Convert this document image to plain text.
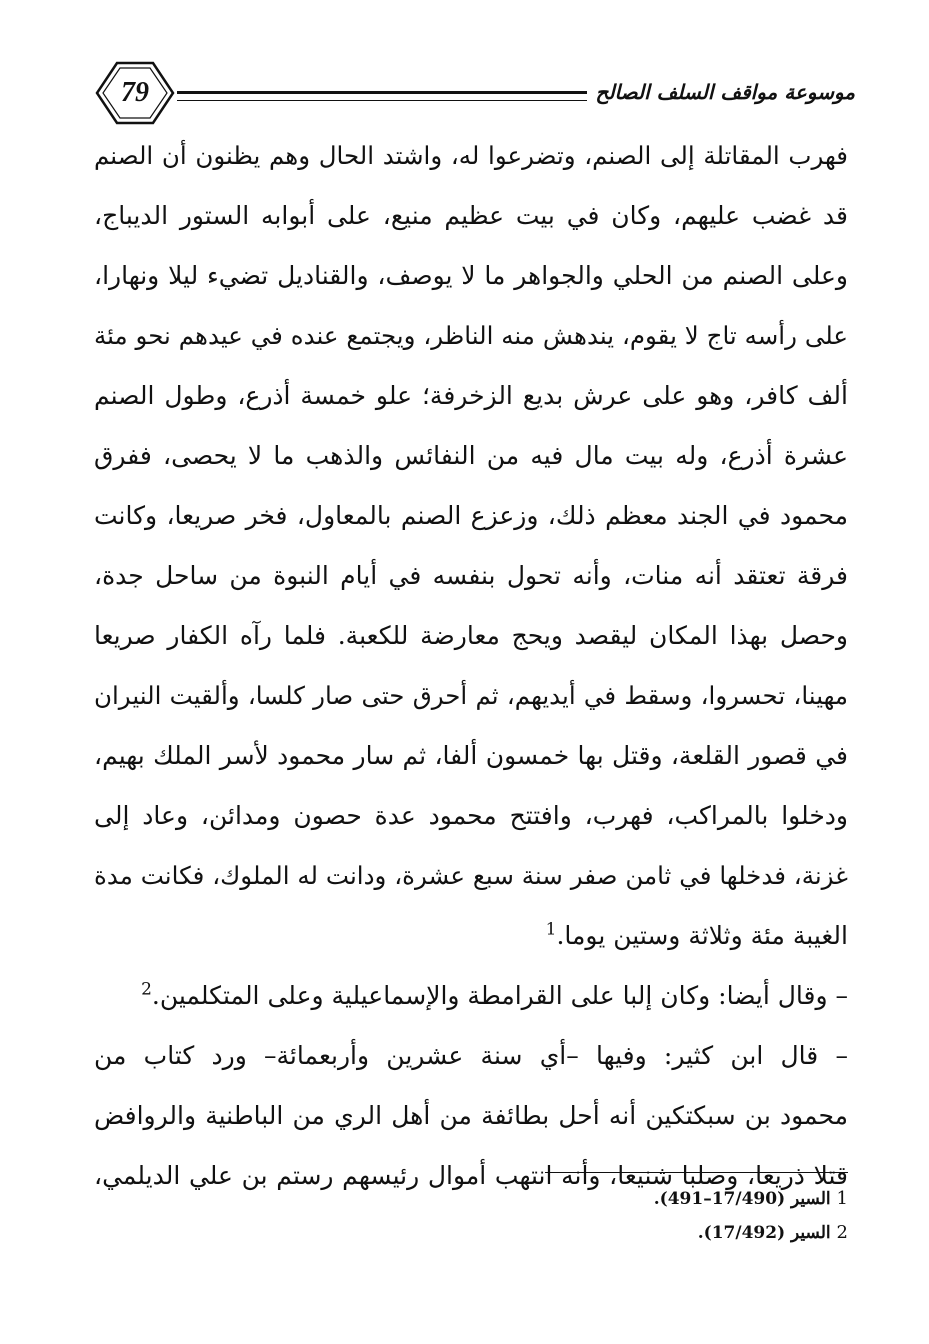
79	موسوعة مواقف السلف الصالح
فهرب المقاتلة إلى الصنم، وتضرعوا له، واشتد الحال وهم يظنون أن الصنم
قد غضب عليهم، وكان في بيت عظيم منيع، على أبوابه الستور الديباج،
وعلى الصنم من الحلي والجواهر ما لا يوصف، والقناديل تضيء ليلا ونهارا،
على رأسه تاج لا يقوم، يندهش منه الناظر، ويجتمع عنده في عيدهم نحو مئة
ألف كافر، وهو على عرش بديع الزخرفة؛ علو خمسة أذرع، وطول الصنم
عشرة أذرع، وله بيت مال فيه من النفائس والذهب ما لا يحصى، ففرق
محمود في الجند معظم ذلك، وزعزع الصنم بالمعاول، فخر صريعا، وكانت
فرقة تعتقد أنه منات، وأنه تحول بنفسه في أيام النبوة من ساحل جدة،
وحصل بهذا المكان ليقصد ويحج معارضة للكعبة. فلما رآه الكفار صريعا
مهينا، تحسروا، وسقط في أيديهم، ثم أحرق حتى صار كلسا، وألقيت النيران
في قصور القلعة، وقتل بها خمسون ألفا، ثم سار محمود لأسر الملك بهيم،
ودخلوا بالمراكب، فهرب، وافتتح محمود عدة حصون ومدائن، وعاد إلى
غزنة، فدخلها في ثامن صفر سنة سبع عشرة، ودانت له الملوك، فكانت مدة
الغيبة مئة وثلاثة وستين يوما.$^1$
– وقال أيضا: وكان إلبا على القرامطة والإسماعيلية وعلى المتكلمين.$^2$
– قال ابن كثير: وفيها –أي سنة عشرين وأربعمائة– ورد كتاب من
محمود بن سبكتكين أنه أحل بطائفة من أهل الري من الباطنية والروافض
قتلا ذريعا، وصلبا شنيعا، وأنه انتهب أموال رئيسهم رستم بن علي الديلمي،
1 السير (17/490–491).
2 السير (17/492).
